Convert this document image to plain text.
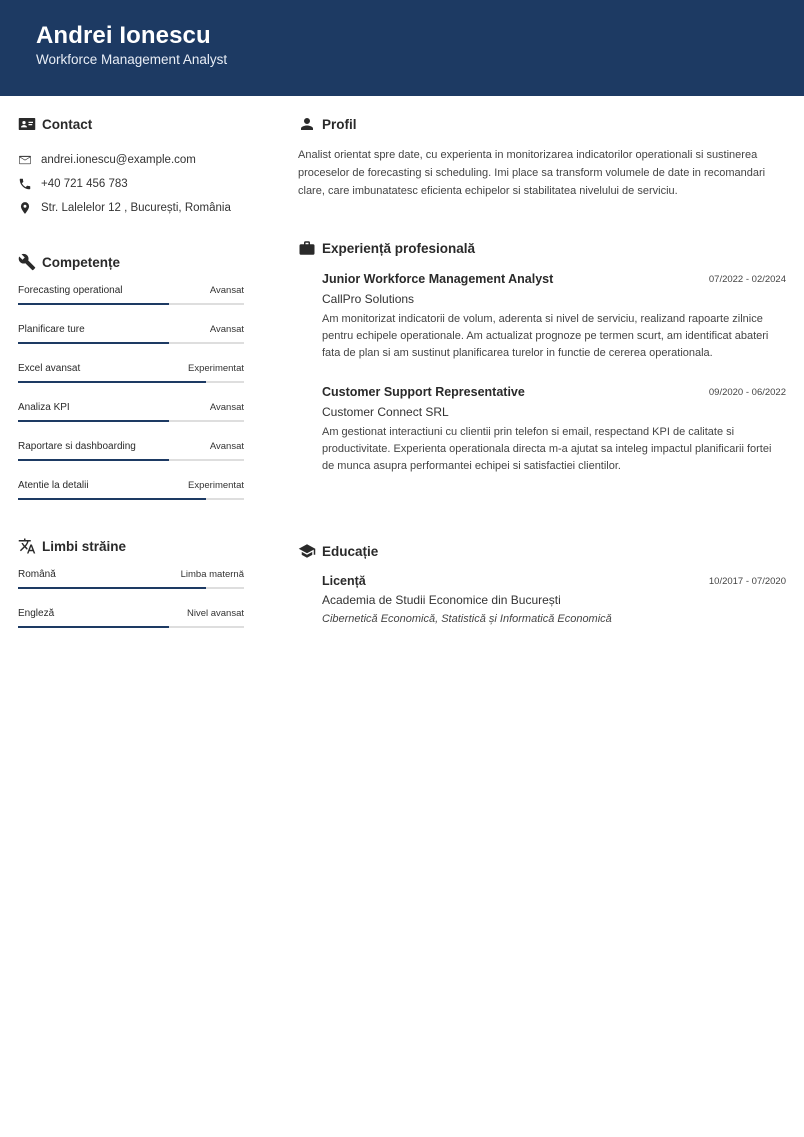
Andrei Ionescu
Workforce Management Analyst
Contact
andrei.ionescu@example.com
+40 721 456 783
Str. Lalelelor 12 , București, România
Competențe
Forecasting operational	Avansat
Planificare ture	Avansat
Excel avansat	Experimentat
Analiza KPI	Avansat
Raportare si dashboarding	Avansat
Atentie la detalii	Experimentat
Limbi străine
Română	Limba maternă
Engleză	Nivel avansat
Profil

Analist orientat spre date, cu experienta in monitorizarea indicatorilor operationali si sustinerea proceselor de forecasting si scheduling. Imi place sa transform volumele de date in recomandari clare, care imbunatatesc eficienta echipelor si stabilitatea nivelului de serviciu.

Experiență profesională
Junior Workforce Management Analyst	07/2022 - 02/2024
CallPro Solutions

Am monitorizat indicatorii de volum, aderenta si nivel de serviciu, realizand rapoarte zilnice pentru echipele operationale. Am actualizat prognoze pe termen scurt, am identificat abateri fata de plan si am sustinut planificarea turelor in functie de cererea operationala.

Customer Support Representative	09/2020 - 06/2022
Customer Connect SRL

Am gestionat interactiuni cu clientii prin telefon si email, respectand KPI de calitate si productivitate. Experienta operationala directa m-a ajutat sa inteleg impactul planificarii fortei de munca asupra performantei echipei si satisfactiei clientilor.

Educație
Licență	10/2017 - 07/2020
Academia de Studii Economice din București
Cibernetică Economică, Statistică și Informatică Economică
